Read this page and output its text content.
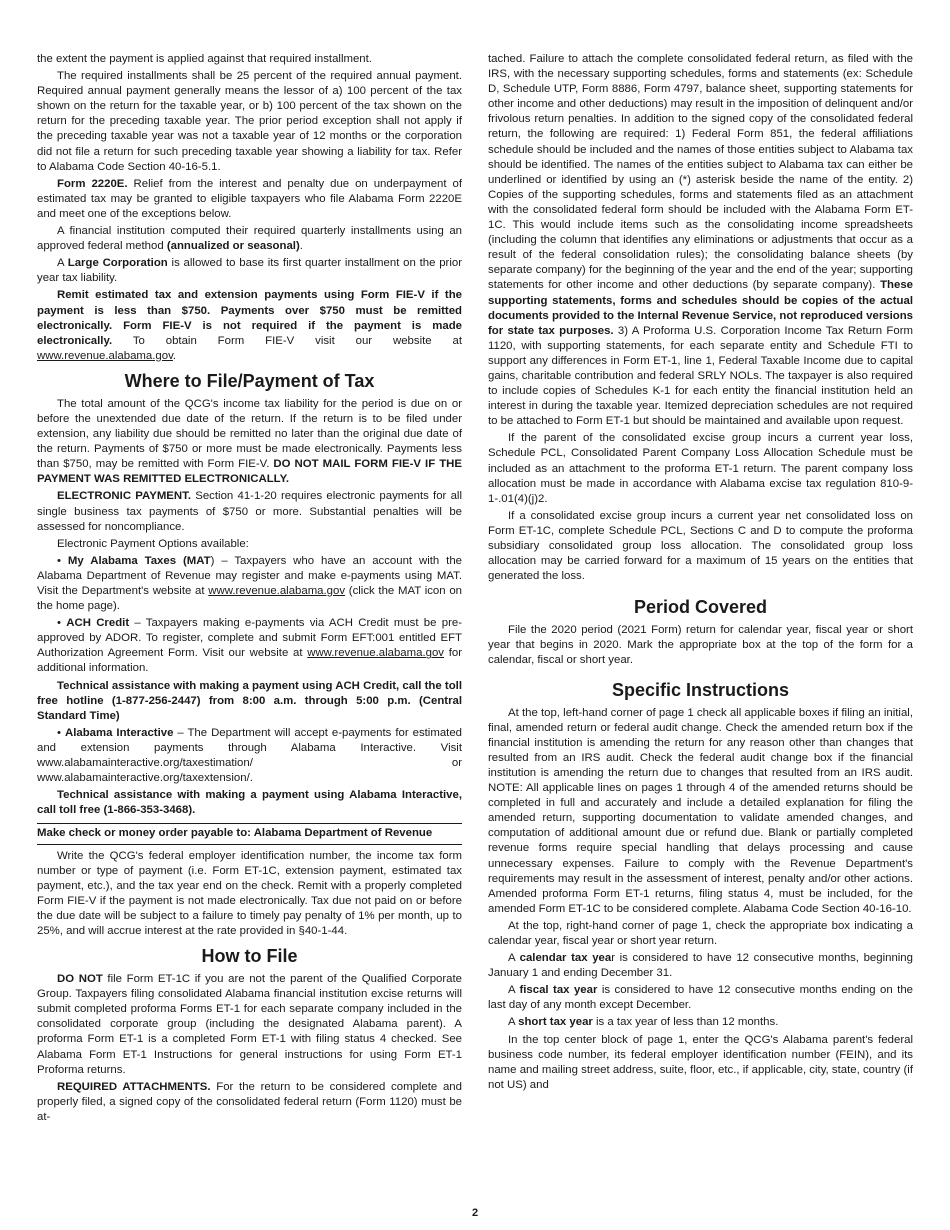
the extent the payment is applied against that required installment.

The required installments shall be 25 percent of the required annual payment. Required annual payment generally means the lessor of a) 100 percent of the tax shown on the return for the taxable year, or b) 100 percent of the tax shown on the return for the preceding taxable year. The prior period exception shall not apply if the preceding taxable year was not a taxable year of 12 months or the corporation did not file a return for such preceding taxable year showing a liability for tax. Refer to Alabama Code Section 40-16-5.1.

Form 2220E. Relief from the interest and penalty due on underpayment of estimated tax may be granted to eligible taxpayers who file Alabama Form 2220E and meet one of the exceptions below.

A financial institution computed their required quarterly installments using an approved federal method (annualized or seasonal).

A Large Corporation is allowed to base its first quarter installment on the prior year tax liability.

Remit estimated tax and extension payments using Form FIE-V if the payment is less than $750. Payments over $750 must be remitted electronically. Form FIE-V is not required if the payment is made electronically. To obtain Form FIE-V visit our website at www.revenue.alabama.gov.

Where to File/Payment of Tax

The total amount of the QCG's income tax liability for the period is due on or before the unextended due date of the return. If the return is to be filed under extension, any liability due should be remitted no later than the original due date of the return. Payments of $750 or more must be made electronically. Payments less than $750, may be remitted with Form FIE-V. DO NOT MAIL FORM FIE-V IF THE PAYMENT WAS REMITTED ELECTRONICALLY.

ELECTRONIC PAYMENT. Section 41-1-20 requires electronic payments for all single business tax payments of $750 or more. Substantial penalties will be assessed for noncompliance.

Electronic Payment Options available:

• My Alabama Taxes (MAT) – Taxpayers who have an account with the Alabama Department of Revenue may register and make e-payments using MAT. Visit the Department's website at www.revenue.alabama.gov (click the MAT icon on the home page).

• ACH Credit – Taxpayers making e-payments via ACH Credit must be pre-approved by ADOR. To register, complete and submit Form EFT:001 entitled EFT Authorization Agreement Form. Visit our website at www.revenue.alabama.gov for additional information.

Technical assistance with making a payment using ACH Credit, call the toll free hotline (1-877-256-2447) from 8:00 a.m. through 5:00 p.m. (Central Standard Time)

• Alabama Interactive – The Department will accept e-payments for estimated and extension payments through Alabama Interactive. Visit www.alabamainteractive.org/taxestimation/ or www.alabamainteractive.org/taxextension/.

Technical assistance with making a payment using Alabama Interactive, call toll free (1-866-353-3468).

Make check or money order payable to: Alabama Department of Revenue

Write the QCG's federal employer identification number, the income tax form number or type of payment (i.e. Form ET-1C, extension payment, estimated tax payment, etc.), and the tax year end on the check. Remit with a properly completed Form FIE-V if the payment is not made electronically. Tax due not paid on or before the due date will be subject to a failure to timely pay penalty of 1% per month, up to 25%, and will accrue interest at the rate provided in §40-1-44.

How to File

DO NOT file Form ET-1C if you are not the parent of the Qualified Corporate Group. Taxpayers filing consolidated Alabama financial institution excise returns will submit completed proforma Forms ET-1 for each separate company included in the consolidated corporate group (including the designated Alabama parent). A proforma Form ET-1 is a completed Form ET-1 with filing status 4 checked. See Alabama Form ET-1 Instructions for general instructions for using Form ET-1 Proforma returns.

REQUIRED ATTACHMENTS. For the return to be considered complete and properly filed, a signed copy of the consolidated federal return (Form 1120) must be at-

tached. Failure to attach the complete consolidated federal return, as filed with the IRS, with the necessary supporting schedules, forms and statements (ex: Schedule D, Schedule UTP, Form 8886, Form 4797, balance sheet, supporting statements for other income and other deductions) may result in the imposition of delinquent and/or frivolous return penalties. In addition to the signed copy of the consolidated federal return, the following are required: 1) Federal Form 851, the federal affiliations schedule should be included and the names of those entities subject to Alabama tax should be identified. The names of the entities subject to Alabama tax can either be underlined or identified by using an (*) asterisk beside the name of the entity. 2) Copies of the supporting schedules, forms and statements filed as an attachment with the consolidated federal form should be included with the Alabama Form ET-1C. This would include items such as the consolidating income spreadsheets (including the column that identifies any eliminations or adjustments that occur as a result of the federal consolidation rules); the consolidating balance sheets (by separate company) for the beginning of the year and the end of the year; supporting statements for other income and other deductions (by separate company). These supporting statements, forms and schedules should be copies of the actual documents provided to the Internal Revenue Service, not reproduced versions for state tax purposes. 3) A Proforma U.S. Corporation Income Tax Return Form 1120, with supporting statements, for each separate entity and Schedule FTI to support any differences in Form ET-1, line 1, Federal Taxable Income due to capital gains, charitable contribution and federal SRLY NOLs. The taxpayer is also required to include copies of Schedules K-1 for each entity the financial institution held an interest in during the taxable year. Itemized depreciation schedules are not required to be attached to Form ET-1 but should be maintained and available upon request.

If the parent of the consolidated excise group incurs a current year loss, Schedule PCL, Consolidated Parent Company Loss Allocation Schedule must be included as an attachment to the proforma ET-1 return. The parent company loss allocation must be made in accordance with Alabama excise tax regulation 810-9-1-.01(4)(j)2.

If a consolidated excise group incurs a current year net consolidated loss on Form ET-1C, complete Schedule PCL, Sections C and D to compute the proforma subsidiary consolidated group loss allocation. The consolidated group loss allocation may be carried forward for a maximum of 15 years on the entities that generated the loss.

Period Covered

File the 2020 period (2021 Form) return for calendar year, fiscal year or short year that begins in 2020. Mark the appropriate box at the top of the form for a calendar, fiscal or short year.

Specific Instructions

At the top, left-hand corner of page 1 check all applicable boxes if filing an initial, final, amended return or federal audit change. Check the amended return box if the financial institution is amending the return for any reason other than changes that resulted from an IRS audit. Check the federal audit change box if the financial institution is amending the return due to changes that resulted from an IRS audit. NOTE: All applicable lines on pages 1 through 4 of the amended returns should be completed in full and accurately and include a detailed explanation for filing the amended return, supporting documentation to validate amended changes, and computation of additional amount due or refund due. Blank or partially completed revenue forms require special handling that delays processing and cause unnecessary expenses. Failure to comply with the Revenue Department's requirements may result in the assessment of interest, penalty and/or other actions. Amended proforma Form ET-1 returns, filing status 4, must be included, for the amended Form ET-1C to be considered complete. Alabama Code Section 40-16-10.

At the top, right-hand corner of page 1, check the appropriate box indicating a calendar year, fiscal year or short year return.

A calendar tax year is considered to have 12 consecutive months, beginning January 1 and ending December 31.

A fiscal tax year is considered to have 12 consecutive months ending on the last day of any month except December.

A short tax year is a tax year of less than 12 months.

In the top center block of page 1, enter the QCG's Alabama parent's federal business code number, its federal employer identification number (FEIN), and its name and mailing street address, suite, floor, etc., if applicable, city, state, country (if not US) and

2
